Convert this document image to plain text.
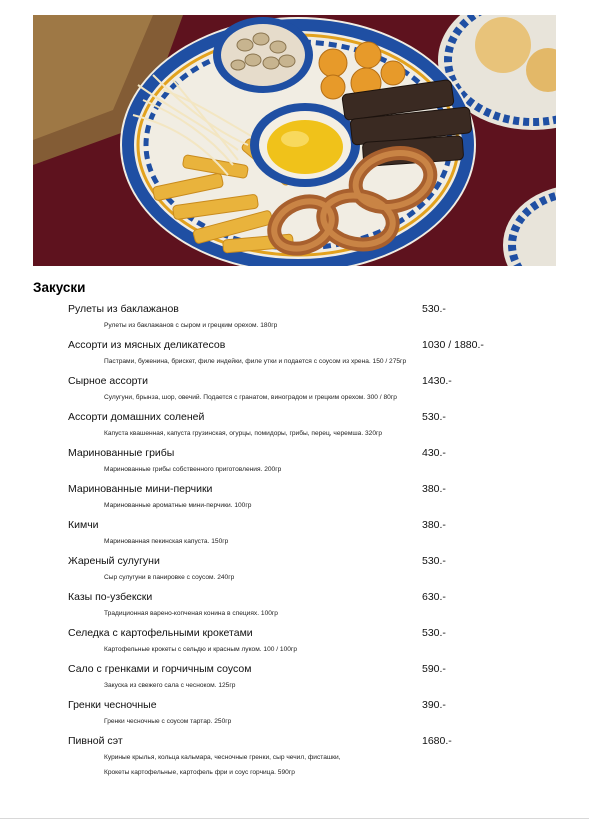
Закуски
Рулеты из баклажанов	530.-
Рулеты из баклажанов с сыром и грецким орехом. 180гр
Ассорти из мясных деликатесов	1030 / 1880.-
Пастрами, буженина, брискет, филе индейки, филе утки и подается с соусом из хрена. 150 / 275гр
Сырное ассорти	1430.-
Сулугуни, брынза, шор, овечий. Подается с гранатом, виноградом и грецким орехом. 300 / 80гр
Ассорти домашних соленей	530.-
Капуста квашенная, капуста грузинская, огурцы, помидоры, грибы, перец, черемша. 320гр
Маринованные грибы	430.-
Маринованные грибы собственного приготовления. 200гр
Маринованные мини-перчики	380.-
Маринованные ароматные мини-перчики. 100гр
Кимчи	380.-
Маринованная пекинская капуста. 150гр
Жареный сулугуни	530.-
Сыр сулугуни в панировке с соусом. 240гр
Казы по-узбекски	630.-
Традиционная варено-копченая конина в специях. 100гр
Селедка с картофельными крокетами	530.-
Картофельные крокеты с сельдю и красным луком. 100 / 100гр
Сало с гренками и горчичным соусом	590.-
Закуска из свежего сала с чесноком. 125гр
Гренки чесночные	390.-
Гренки чесночные с соусом тартар. 250гр
Пивной сэт	1680.-
Куриные крылья, кольца кальмара, чесночные гренки, сыр чечил, фисташки,
Крокеты картофельные, картофель фри и соус горчица. 590гр
